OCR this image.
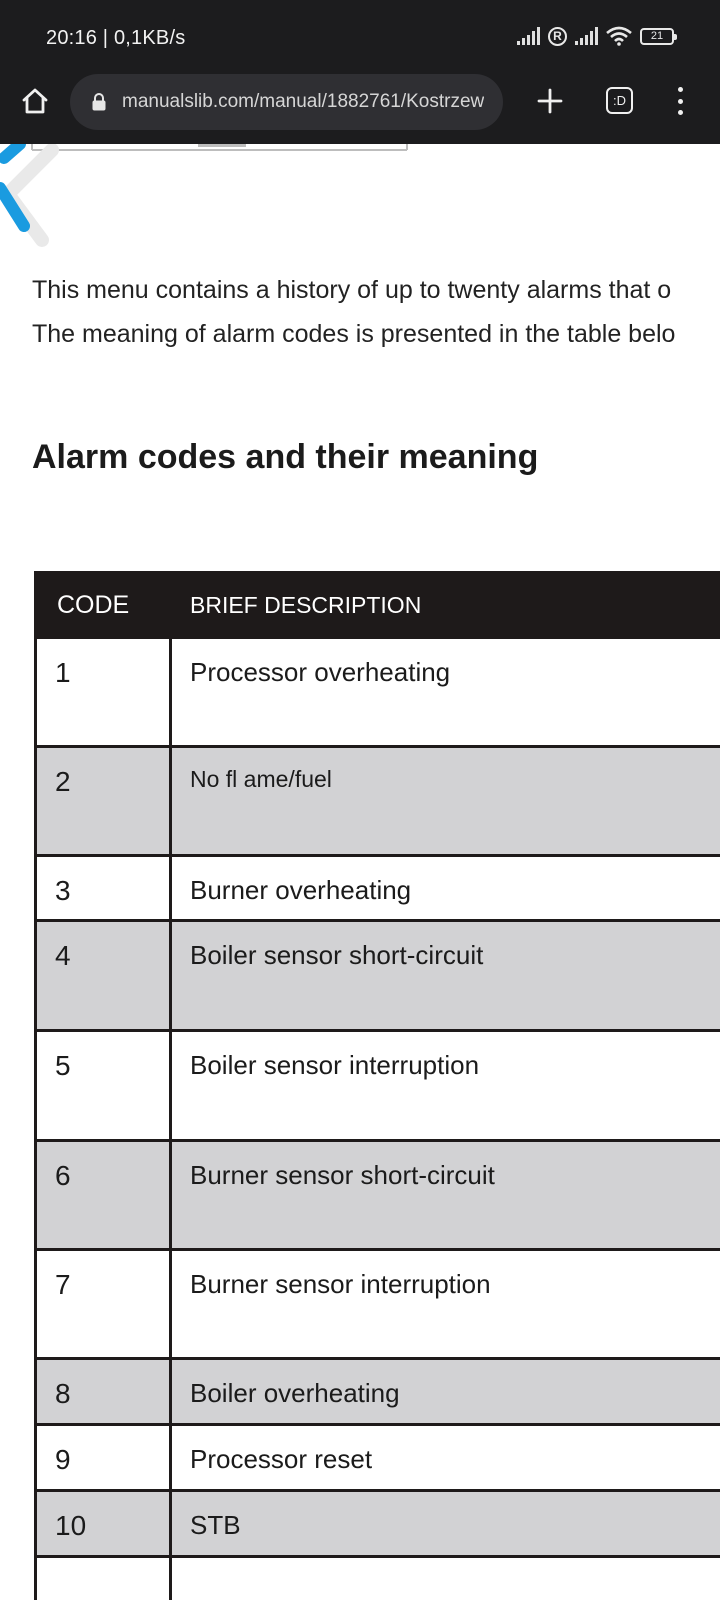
20:16 | 0,1KB/s	R	21
manualslib.com/manual/1882761/Kostrzew	:D

This menu contains a history of up to twenty alarms that o

The meaning of alarm codes is presented in the table belo

Alarm codes and their meaning
CODE	BRIEF DESCRIPTION
1	Processor overheating
2	No fl ame/fuel
3	Burner overheating
4	Boiler sensor short-circuit
5	Boiler sensor interruption
6	Burner sensor short-circuit
7	Burner sensor interruption
8	Boiler overheating
9	Processor reset
10	STB
